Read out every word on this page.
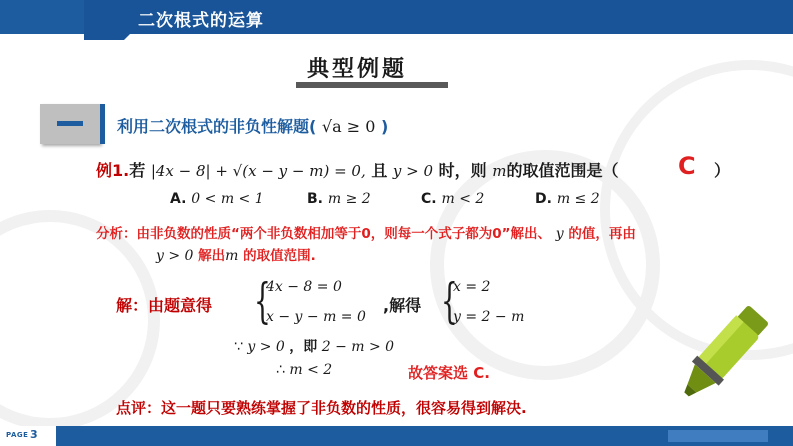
二次根式的运算
典型例题
利用二次根式的非负性解题( √a ≥ 0 )
例1.若 |4x − 8| + √(x − y − m) = 0, 且 y > 0 时，则 m的取值范围是（ C ）
A. 0 < m < 1	B. m ≥ 2	C. m < 2	D. m ≤ 2
分析：由非负数的性质“两个非负数相加等于0，则每一个式子都为0”解出、 y 的值，再由
y > 0 解出m 的取值范围.
解：由题意得 {
4x − 8 = 0
x − y − m = 0
,解得 {
x = 2
y = 2 − m
∵ y > 0 ，即 2 − m > 0
∴ m < 2	故答案选 C.
点评：这一题只要熟练掌握了非负数的性质，很容易得到解决.
PAGE 3
